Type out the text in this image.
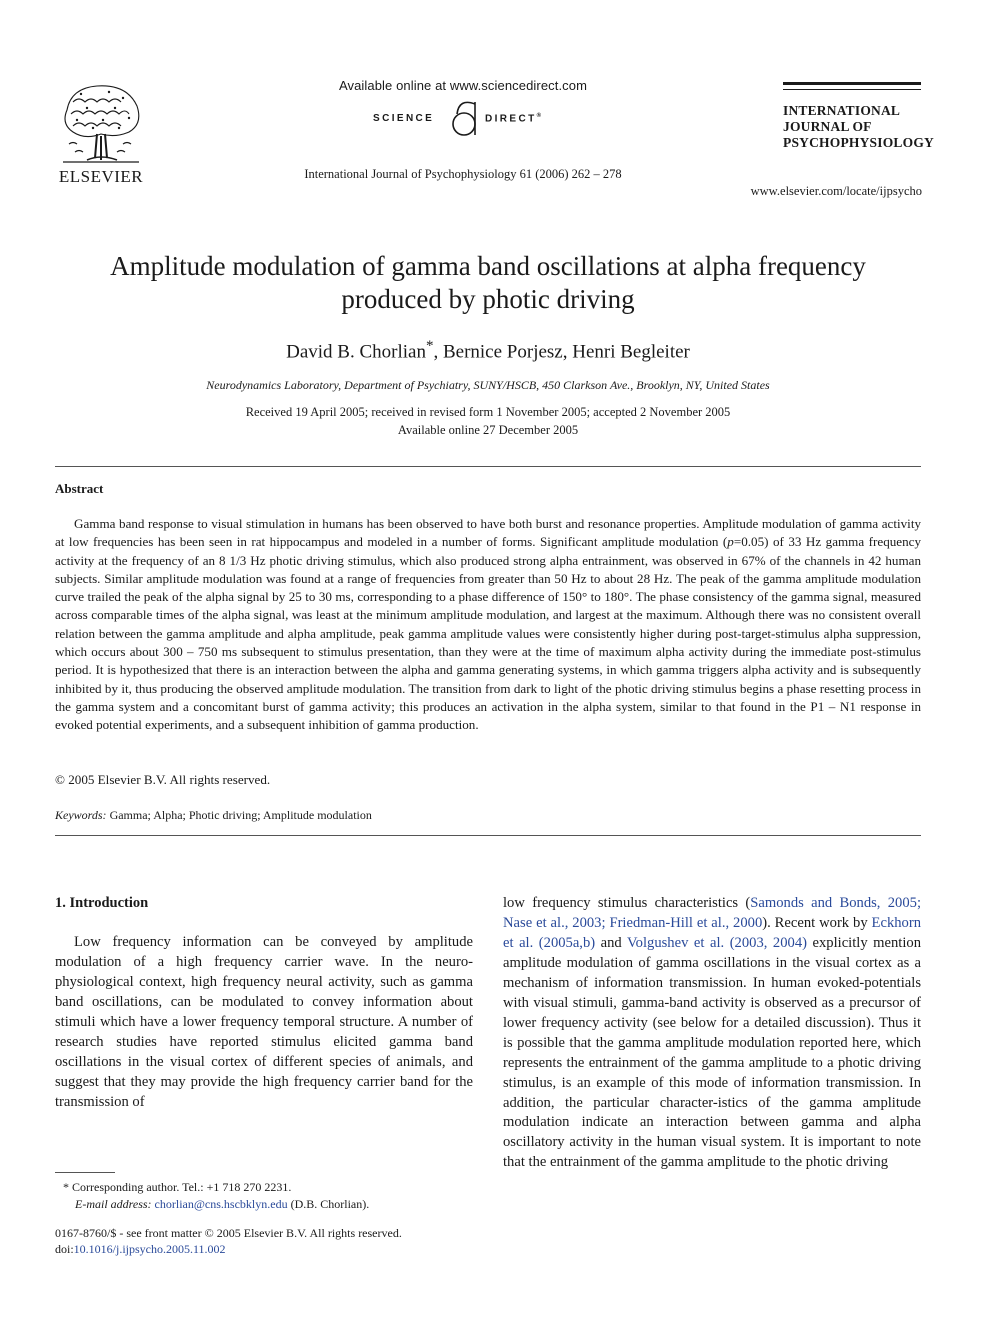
ELSEVIER
Available online at www.sciencedirect.com
SCIENCE	DIRECT®
International Journal of Psychophysiology 61 (2006) 262 – 278
INTERNATIONAL
JOURNAL OF
PSYCHOPHYSIOLOGY
www.elsevier.com/locate/ijpsycho
Amplitude modulation of gamma band oscillations at alpha frequency
produced by photic driving
David B. Chorlian*, Bernice Porjesz, Henri Begleiter
Neurodynamics Laboratory, Department of Psychiatry, SUNY/HSCB, 450 Clarkson Ave., Brooklyn, NY, United States
Received 19 April 2005; received in revised form 1 November 2005; accepted 2 November 2005
Available online 27 December 2005
Abstract

Gamma band response to visual stimulation in humans has been observed to have both burst and resonance properties. Amplitude modulation of gamma activity at low frequencies has been seen in rat hippocampus and modeled in a number of forms. Significant amplitude modulation (p=0.05) of 33 Hz gamma frequency activity at the frequency of an 8 1/3 Hz photic driving stimulus, which also produced strong alpha entrainment, was observed in 67% of the channels in 42 human subjects. Similar amplitude modulation was found at a range of frequencies from greater than 50 Hz to about 28 Hz. The peak of the gamma amplitude modulation curve trailed the peak of the alpha signal by 25 to 30 ms, corresponding to a phase difference of 150° to 180°. The phase consistency of the gamma signal, measured across comparable times of the alpha signal, was least at the minimum amplitude modulation, and largest at the maximum. Although there was no consistent overall relation between the gamma amplitude and alpha amplitude, peak gamma amplitude values were consistently higher during post-target-stimulus alpha suppression, which occurs about 300 – 750 ms subsequent to stimulus presentation, than they were at the time of maximum alpha activity during the immediate post-stimulus period. It is hypothesized that there is an interaction between the alpha and gamma generating systems, in which gamma triggers alpha activity and is subsequently inhibited by it, thus producing the observed amplitude modulation. The transition from dark to light of the photic driving stimulus begins a phase resetting process in the gamma system and a concomitant burst of gamma activity; this produces an activation in the alpha system, similar to that found in the P1 – N1 response in evoked potential experiments, and a subsequent inhibition of gamma production.

© 2005 Elsevier B.V. All rights reserved.
Keywords: Gamma; Alpha; Photic driving; Amplitude modulation
1. Introduction

Low frequency information can be conveyed by amplitude modulation of a high frequency carrier wave. In the neuro-physiological context, high frequency neural activity, such as gamma band oscillations, can be modulated to convey information about stimuli which have a lower frequency temporal structure. A number of research studies have reported stimulus elicited gamma band oscillations in the visual cortex of different species of animals, and suggest that they may provide the high frequency carrier band for the transmission of

low frequency stimulus characteristics (Samonds and Bonds, 2005; Nase et al., 2003; Friedman-Hill et al., 2000). Recent work by Eckhorn et al. (2005a,b) and Volgushev et al. (2003, 2004) explicitly mention amplitude modulation of gamma oscillations in the visual cortex as a mechanism of information transmission. In human evoked-potentials with visual stimuli, gamma-band activity is observed as a precursor of lower frequency activity (see below for a detailed discussion). Thus it is possible that the gamma amplitude modulation reported here, which represents the entrainment of the gamma amplitude to a photic driving stimulus, is an example of this mode of information transmission. In addition, the particular character-istics of the gamma amplitude modulation indicate an interaction between gamma and alpha oscillatory activity in the human visual system. It is important to note that the entrainment of the gamma amplitude to the photic driving

* Corresponding author. Tel.: +1 718 270 2231.
E-mail address: chorlian@cns.hscbklyn.edu (D.B. Chorlian).
0167-8760/$ - see front matter © 2005 Elsevier B.V. All rights reserved.
doi:10.1016/j.ijpsycho.2005.11.002
